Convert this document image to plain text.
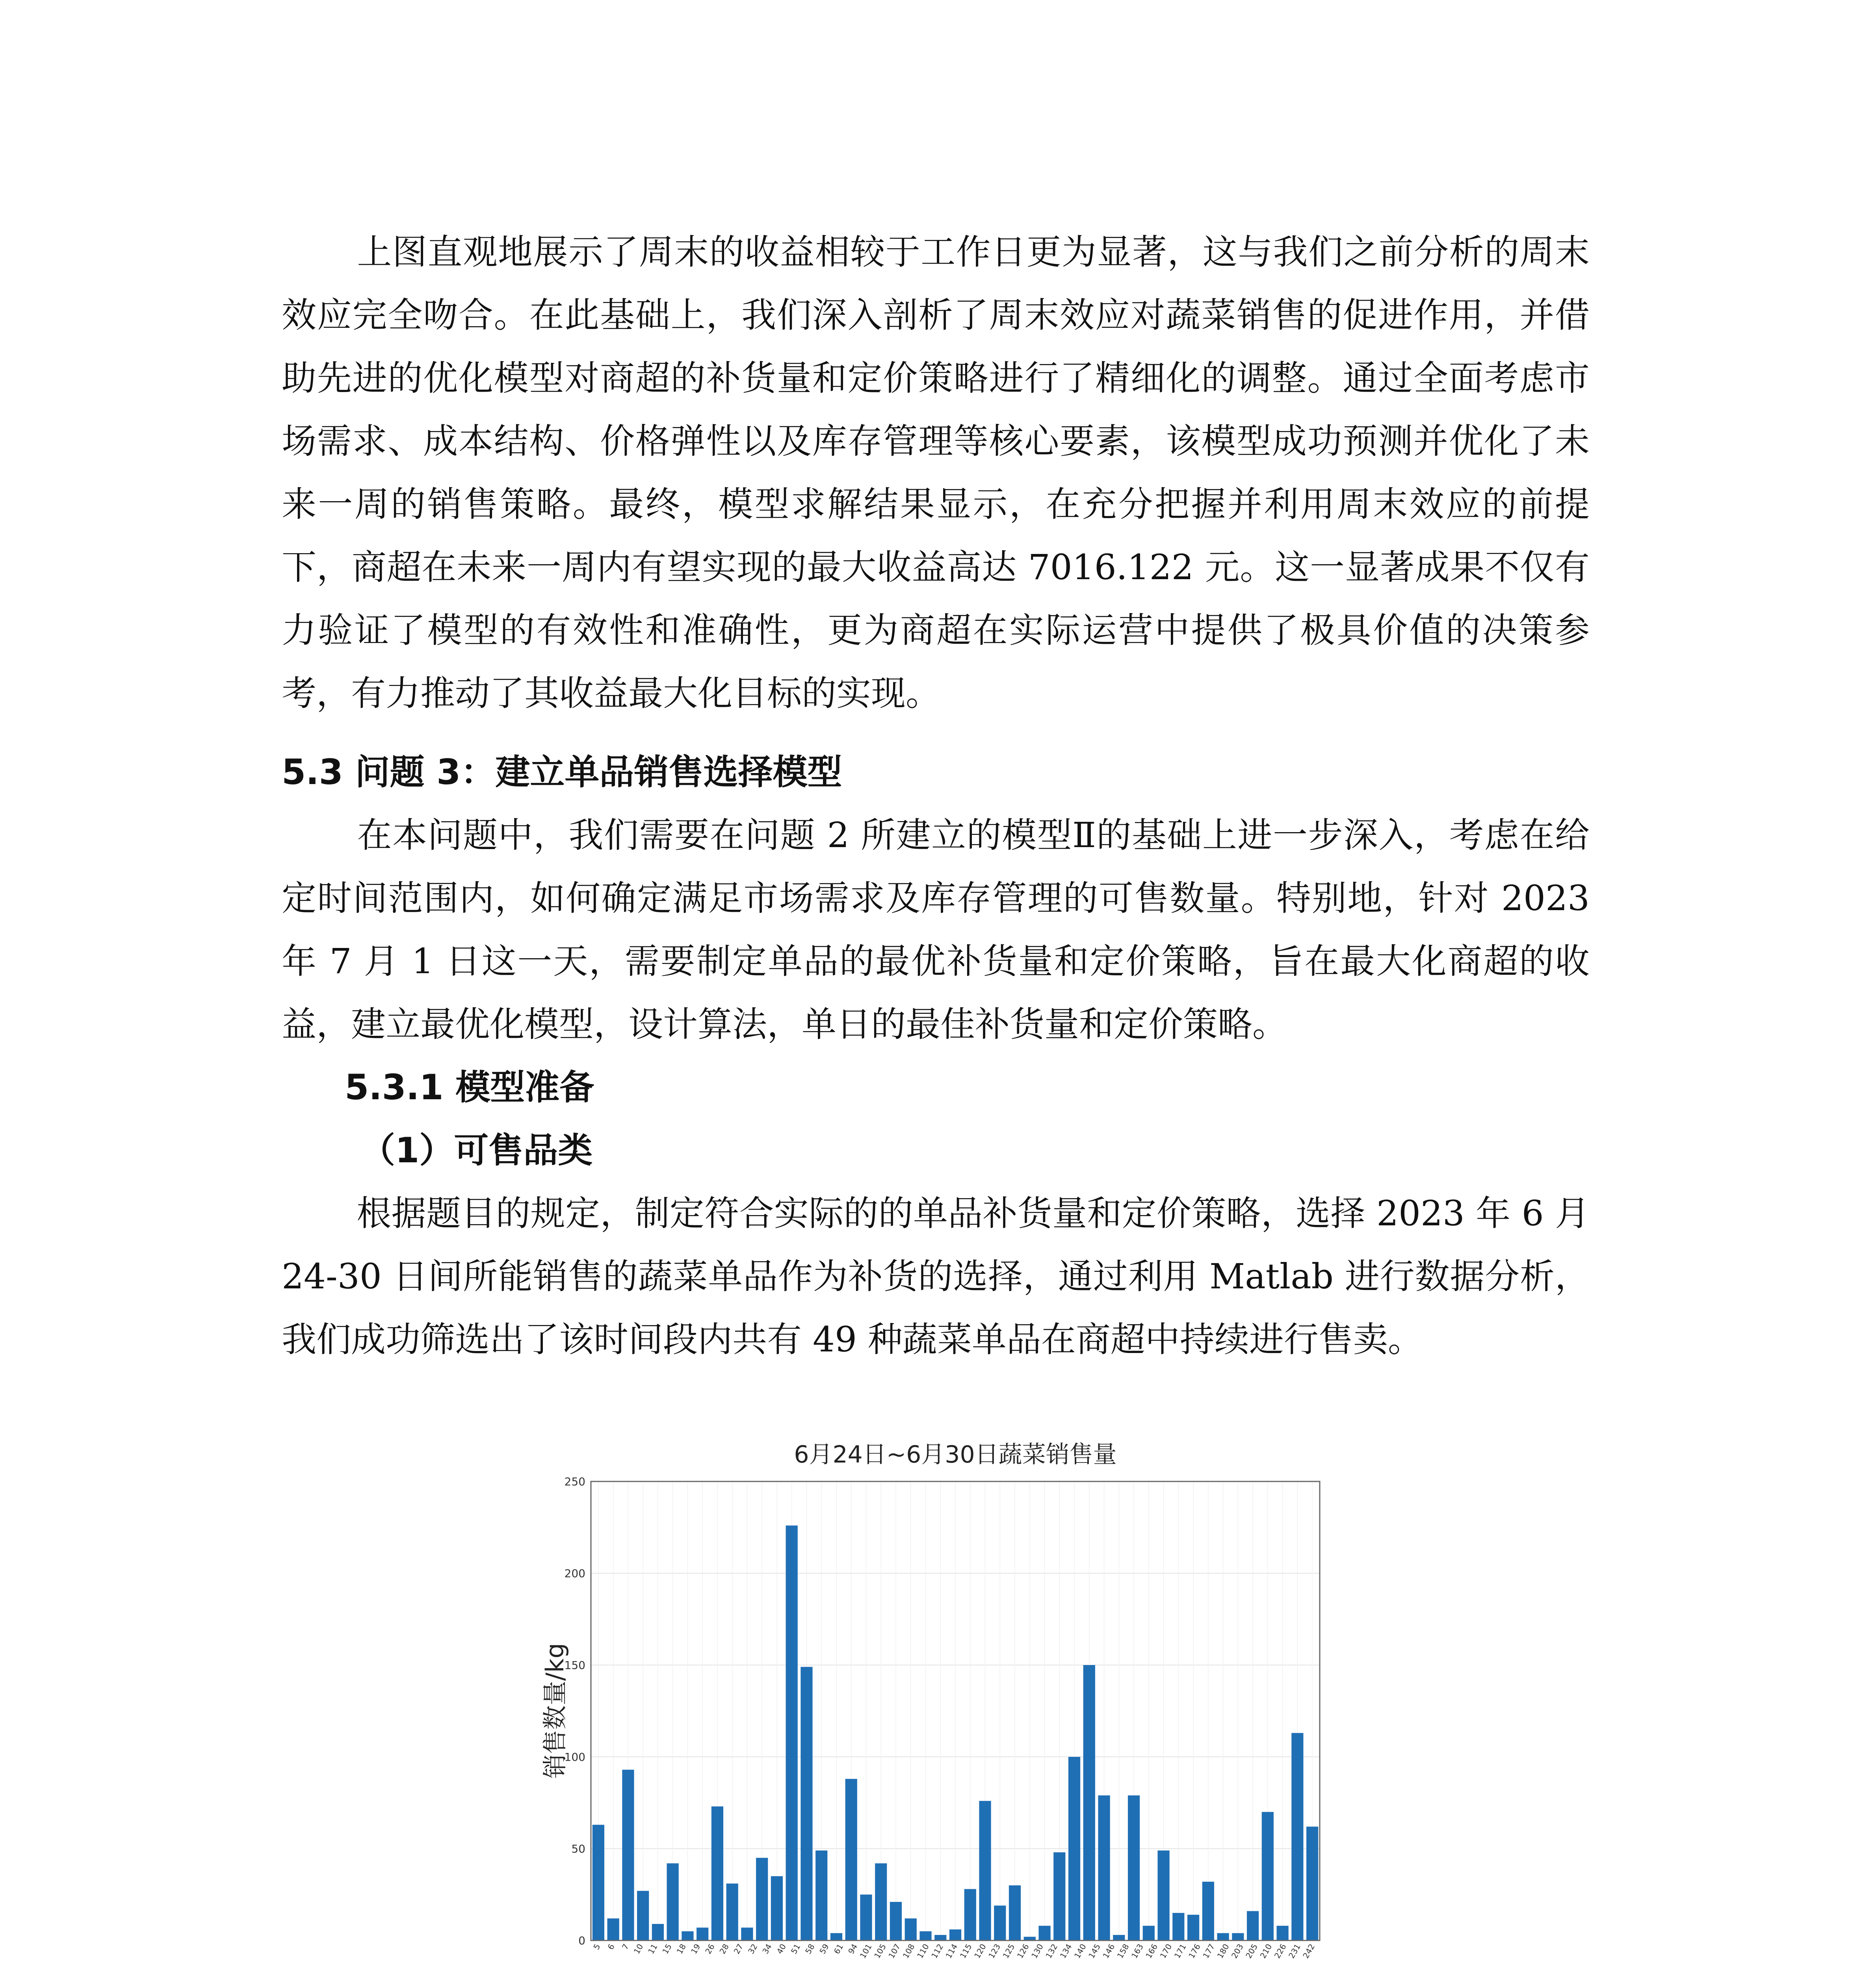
上图直观地展示了周末的收益相较于工作日更为显著，这与我们之前分析的周末效应完全吻合。在此基础上，我们深入剖析了周末效应对蔬菜销售的促进作用，并借助先进的优化模型对商超的补货量和定价策略进行了精细化的调整。通过全面考虑市场需求、成本结构、价格弹性以及库存管理等核心要素，该模型成功预测并优化了未来一周的销售策略。最终，模型求解结果显示，在充分把握并利用周末效应的前提下，商超在未来一周内有望实现的最大收益高达 7016.122 元。这一显著成果不仅有力验证了模型的有效性和准确性，更为商超在实际运营中提供了极具价值的决策参考，有力推动了其收益最大化目标的实现。

5.3 问题 3：建立单品销售选择模型

在本问题中，我们需要在问题 2 所建立的模型Ⅱ的基础上进一步深入，考虑在给定时间范围内，如何确定满足市场需求及库存管理的可售数量。特别地，针对 2023 年 7 月 1 日这一天，需要制定单品的最优补货量和定价策略，旨在最大化商超的收益，建立最优化模型，设计算法，单日的最佳补货量和定价策略。

5.3.1 模型准备

（1）可售品类

根据题目的规定，制定符合实际的的单品补货量和定价策略，选择 2023 年 6 月 24-30 日间所能销售的蔬菜单品作为补货的选择，通过利用 Matlab 进行数据分析，我们成功筛选出了该时间段内共有 49 种蔬菜单品在商超中持续进行售卖。

6月24日~6月30日蔬菜销售量
0
50
100
150
200
250
5 6 7 10 11 15 18 19 26 28 27 32 34 40 51 58 59 61 94
101
105
107
108
110
112
114
115
120
123
125
126
130
132
134
140
145
146
158
163
166
170
171
176
177
180
203
205
210
226
231
242
销售数量/kg
